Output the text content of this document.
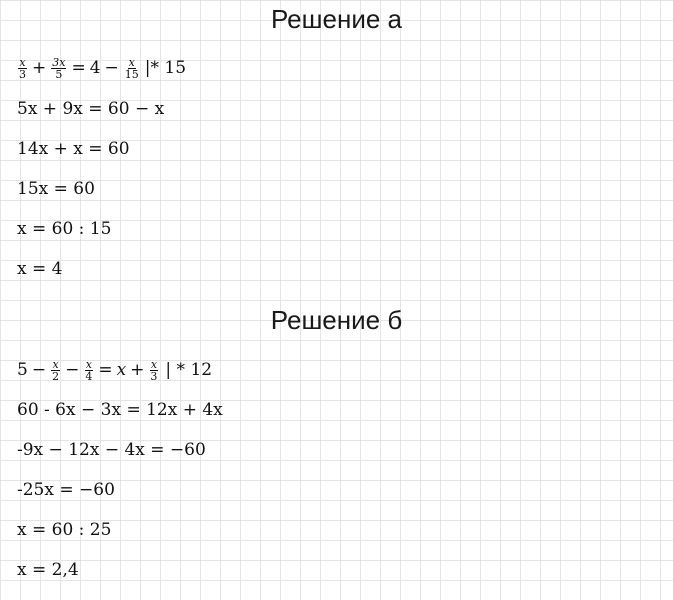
Решение а
$\frac{x}{3} + \frac{3x}{5} = 4 - \frac{x}{15}$ |* 15
5x + 9x = 60 − x
14x + x = 60
15x = 60
x = 60 : 15
x = 4
Решение б
$5 - \frac{x}{2} - \frac{x}{4} = x + \frac{x}{3}$ | * 12
60 - 6x − 3x = 12x + 4x
-9x − 12x − 4x = −60
-25x = −60
x = 60 : 25
x = 2,4
